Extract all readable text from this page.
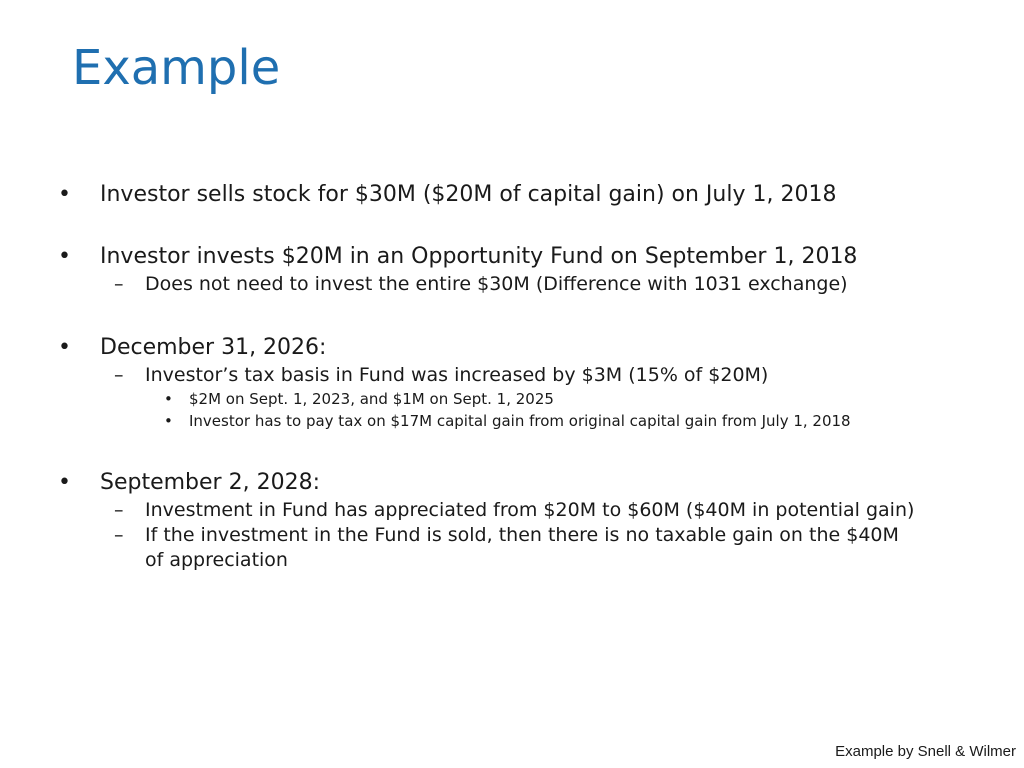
Example
•	Investor sells stock for $30M ($20M of capital gain) on July 1, 2018
•	Investor invests $20M in an Opportunity Fund on September 1, 2018
–	Does not need to invest the entire $30M (Difference with 1031 exchange)
•	December 31, 2026:
–	Investor’s tax basis in Fund was increased by $3M (15% of $20M)
•	$2M on Sept. 1, 2023, and $1M on Sept. 1, 2025
•	Investor has to pay tax on $17M capital gain from original capital gain from July 1, 2018
•	September 2, 2028:
–	Investment in Fund has appreciated from $20M to $60M ($40M in potential gain)
–	If the investment in the Fund is sold, then there is no taxable gain on the $40M of appreciation
Example by Snell & Wilmer
